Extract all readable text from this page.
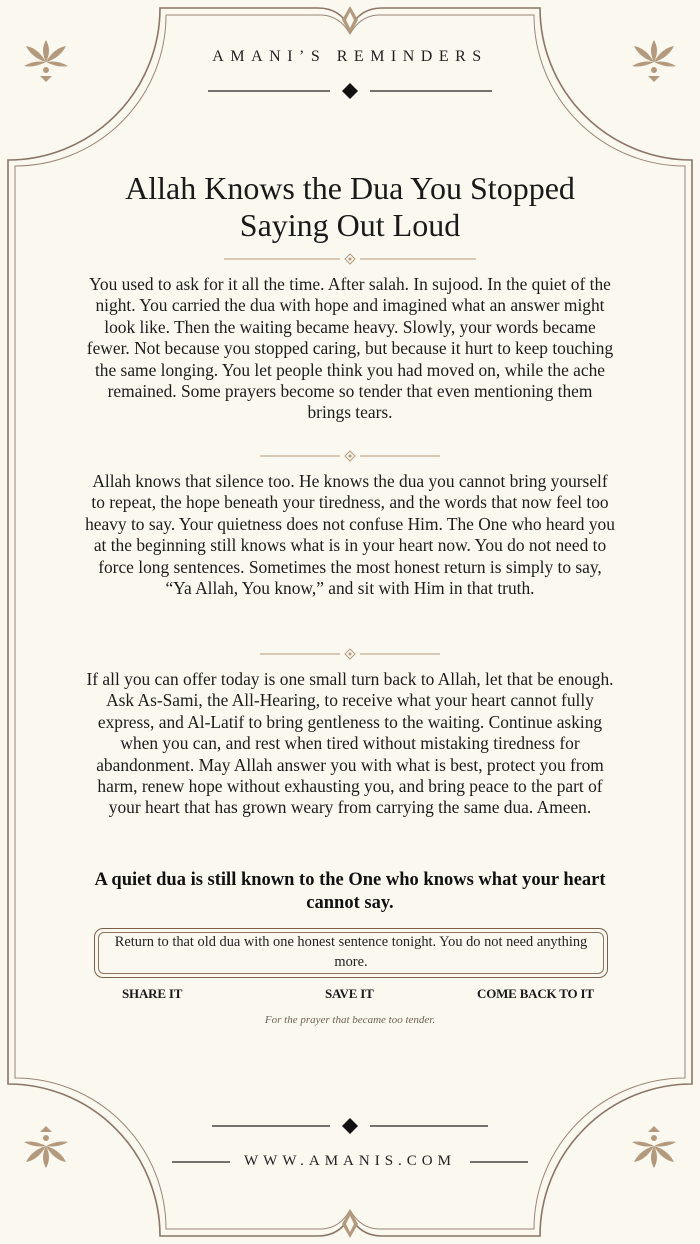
AMANI’S REMINDERS
Allah Knows the Dua You Stopped
Saying Out Loud

You used to ask for it all the time. After salah. In sujood. In the quiet of the night. You carried the dua with hope and imagined what an answer might look like. Then the waiting became heavy. Slowly, your words became fewer. Not because you stopped caring, but because it hurt to keep touching the same longing. You let people think you had moved on, while the ache remained. Some prayers become so tender that even mentioning them brings tears.

Allah knows that silence too. He knows the dua you cannot bring yourself to repeat, the hope beneath your tiredness, and the words that now feel too heavy to say. Your quietness does not confuse Him. The One who heard you at the beginning still knows what is in your heart now. You do not need to force long sentences. Sometimes the most honest return is simply to say, “Ya Allah, You know,” and sit with Him in that truth.

If all you can offer today is one small turn back to Allah, let that be enough. Ask As-Sami, the All-Hearing, to receive what your heart cannot fully express, and Al-Latif to bring gentleness to the waiting. Continue asking when you can, and rest when tired without mistaking tiredness for abandonment. May Allah answer you with what is best, protect you from harm, renew hope without exhausting you, and bring peace to the part of your heart that has grown weary from carrying the same dua. Ameen.

A quiet dua is still known to the One who knows what your heart cannot say.

Return to that old dua with one honest sentence tonight. You do not need anything more.
SHARE IT	SAVE IT	COME BACK TO IT
For the prayer that became too tender.
WWW.AMANIS.COM
